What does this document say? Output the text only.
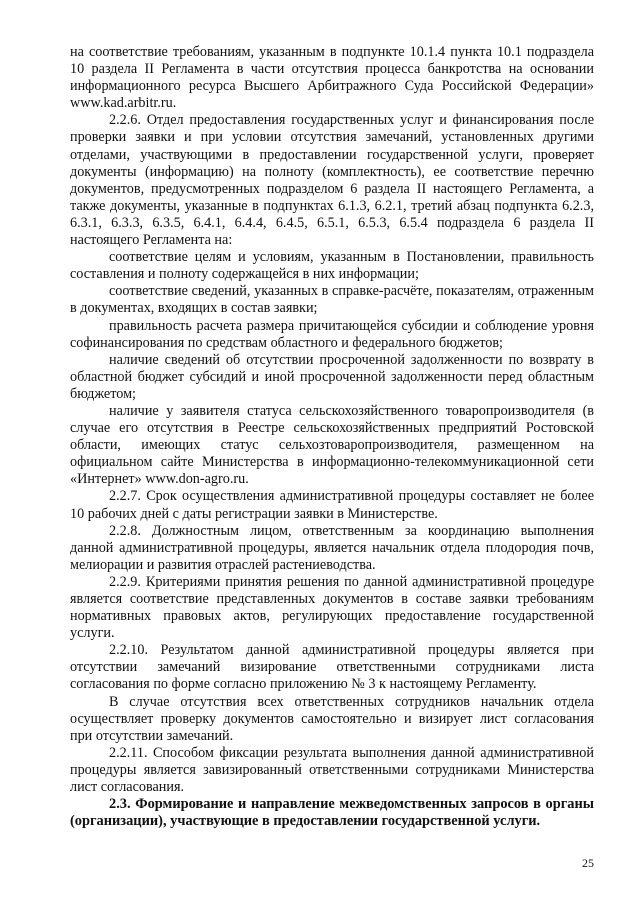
на соответствие требованиям, указанным в подпункте 10.1.4 пункта 10.1 подраздела 10 раздела II Регламента в части отсутствия процесса банкротства на основании информационного ресурса Высшего Арбитражного Суда Российской Федерации» www.kad.arbitr.ru.

2.2.6. Отдел предоставления государственных услуг и финансирования после проверки заявки и при условии отсутствия замечаний, установленных другими отделами, участвующими в предоставлении государственной услуги, проверяет документы (информацию) на полноту (комплектность), ее соответствие перечню документов, предусмотренных подразделом 6 раздела II настоящего Регламента, а также документы, указанные в подпунктах 6.1.3, 6.2.1, третий абзац подпункта 6.2.3, 6.3.1, 6.3.3, 6.3.5, 6.4.1, 6.4.4, 6.4.5, 6.5.1, 6.5.3, 6.5.4 подраздела 6 раздела II настоящего Регламента на:

соответствие целям и условиям, указанным в Постановлении, правильность составления и полноту содержащейся в них информации;

соответствие сведений, указанных в справке-расчёте, показателям, отраженным в документах, входящих в состав заявки;

правильность расчета размера причитающейся субсидии и соблюдение уровня софинансирования по средствам областного и федерального бюджетов;

наличие сведений об отсутствии просроченной задолженности по возврату в областной бюджет субсидий и иной просроченной задолженности перед областным бюджетом;

наличие у заявителя статуса сельскохозяйственного товаропроизводителя (в случае его отсутствия в Реестре сельскохозяйственных предприятий Ростовской области, имеющих статус сельхозтоваропроизводителя, размещенном на официальном сайте Министерства в информационно-телекоммуникационной сети «Интернет» www.don-agro.ru.

2.2.7. Срок осуществления административной процедуры составляет не более 10 рабочих дней с даты регистрации заявки в Министерстве.

2.2.8. Должностным лицом, ответственным за координацию выполнения данной административной процедуры, является начальник отдела плодородия почв, мелиорации и развития отраслей растениеводства.

2.2.9. Критериями принятия решения по данной административной процедуре является соответствие представленных документов в составе заявки требованиям нормативных правовых актов, регулирующих предоставление государственной услуги.

2.2.10. Результатом данной административной процедуры является при отсутствии замечаний визирование ответственными сотрудниками листа согласования по форме согласно приложению № 3 к настоящему Регламенту.

В случае отсутствия всех ответственных сотрудников начальник отдела осуществляет проверку документов самостоятельно и визирует лист согласования при отсутствии замечаний.

2.2.11. Способом фиксации результата выполнения данной административной процедуры является завизированный ответственными сотрудниками Министерства лист согласования.

2.3. Формирование и направление межведомственных запросов в органы (организации), участвующие в предоставлении государственной услуги.

25
